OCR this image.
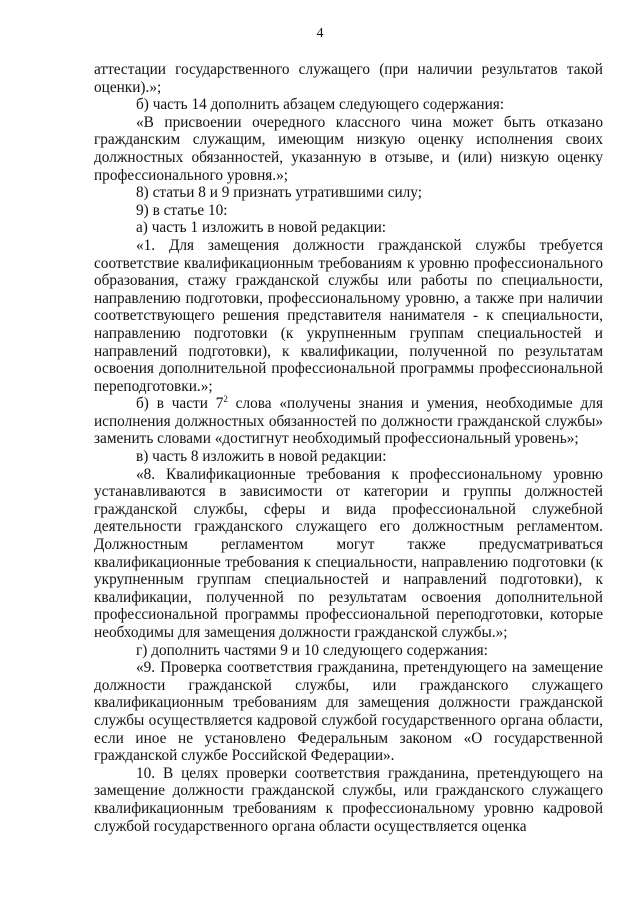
4

аттестации государственного служащего (при наличии результатов такой оценки).»;

б) часть 14 дополнить абзацем следующего содержания:

«В присвоении очередного классного чина может быть отказано гражданским служащим, имеющим низкую оценку исполнения своих должностных обязанностей, указанную в отзыве, и (или) низкую оценку профессионального уровня.»;

8) статьи 8 и 9 признать утратившими силу;

9) в статье 10:

а) часть 1 изложить в новой редакции:

«1. Для замещения должности гражданской службы требуется соответствие квалификационным требованиям к уровню профессионального образования, стажу гражданской службы или работы по специальности, направлению подготовки, профессиональному уровню, а также при наличии соответствующего решения представителя нанимателя - к специальности, направлению подготовки (к укрупненным группам специальностей и направлений подготовки), к квалификации, полученной по результатам освоения дополнительной профессиональной программы профессиональной переподготовки.»;

б) в части $7^2$ слова «получены знания и умения, необходимые для исполнения должностных обязанностей по должности гражданской службы» заменить словами «достигнут необходимый профессиональный уровень»;

в) часть 8 изложить в новой редакции:

«8. Квалификационные требования к профессиональному уровню устанавливаются в зависимости от категории и группы должностей гражданской службы, сферы и вида профессиональной служебной деятельности гражданского служащего его должностным регламентом. Должностным регламентом могут также предусматриваться квалификационные требования к специальности, направлению подготовки (к укрупненным группам специальностей и направлений подготовки), к квалификации, полученной по результатам освоения дополнительной профессиональной программы профессиональной переподготовки, которые необходимы для замещения должности гражданской службы.»;

г) дополнить частями 9 и 10 следующего содержания:

«9. Проверка соответствия гражданина, претендующего на замещение должности гражданской службы, или гражданского служащего квалификационным требованиям для замещения должности гражданской службы осуществляется кадровой службой государственного органа области, если иное не установлено Федеральным законом «О государственной гражданской службе Российской Федерации».

10. В целях проверки соответствия гражданина, претендующего на замещение должности гражданской службы, или гражданского служащего квалификационным требованиям к профессиональному уровню кадровой службой государственного органа области осуществляется оценка
